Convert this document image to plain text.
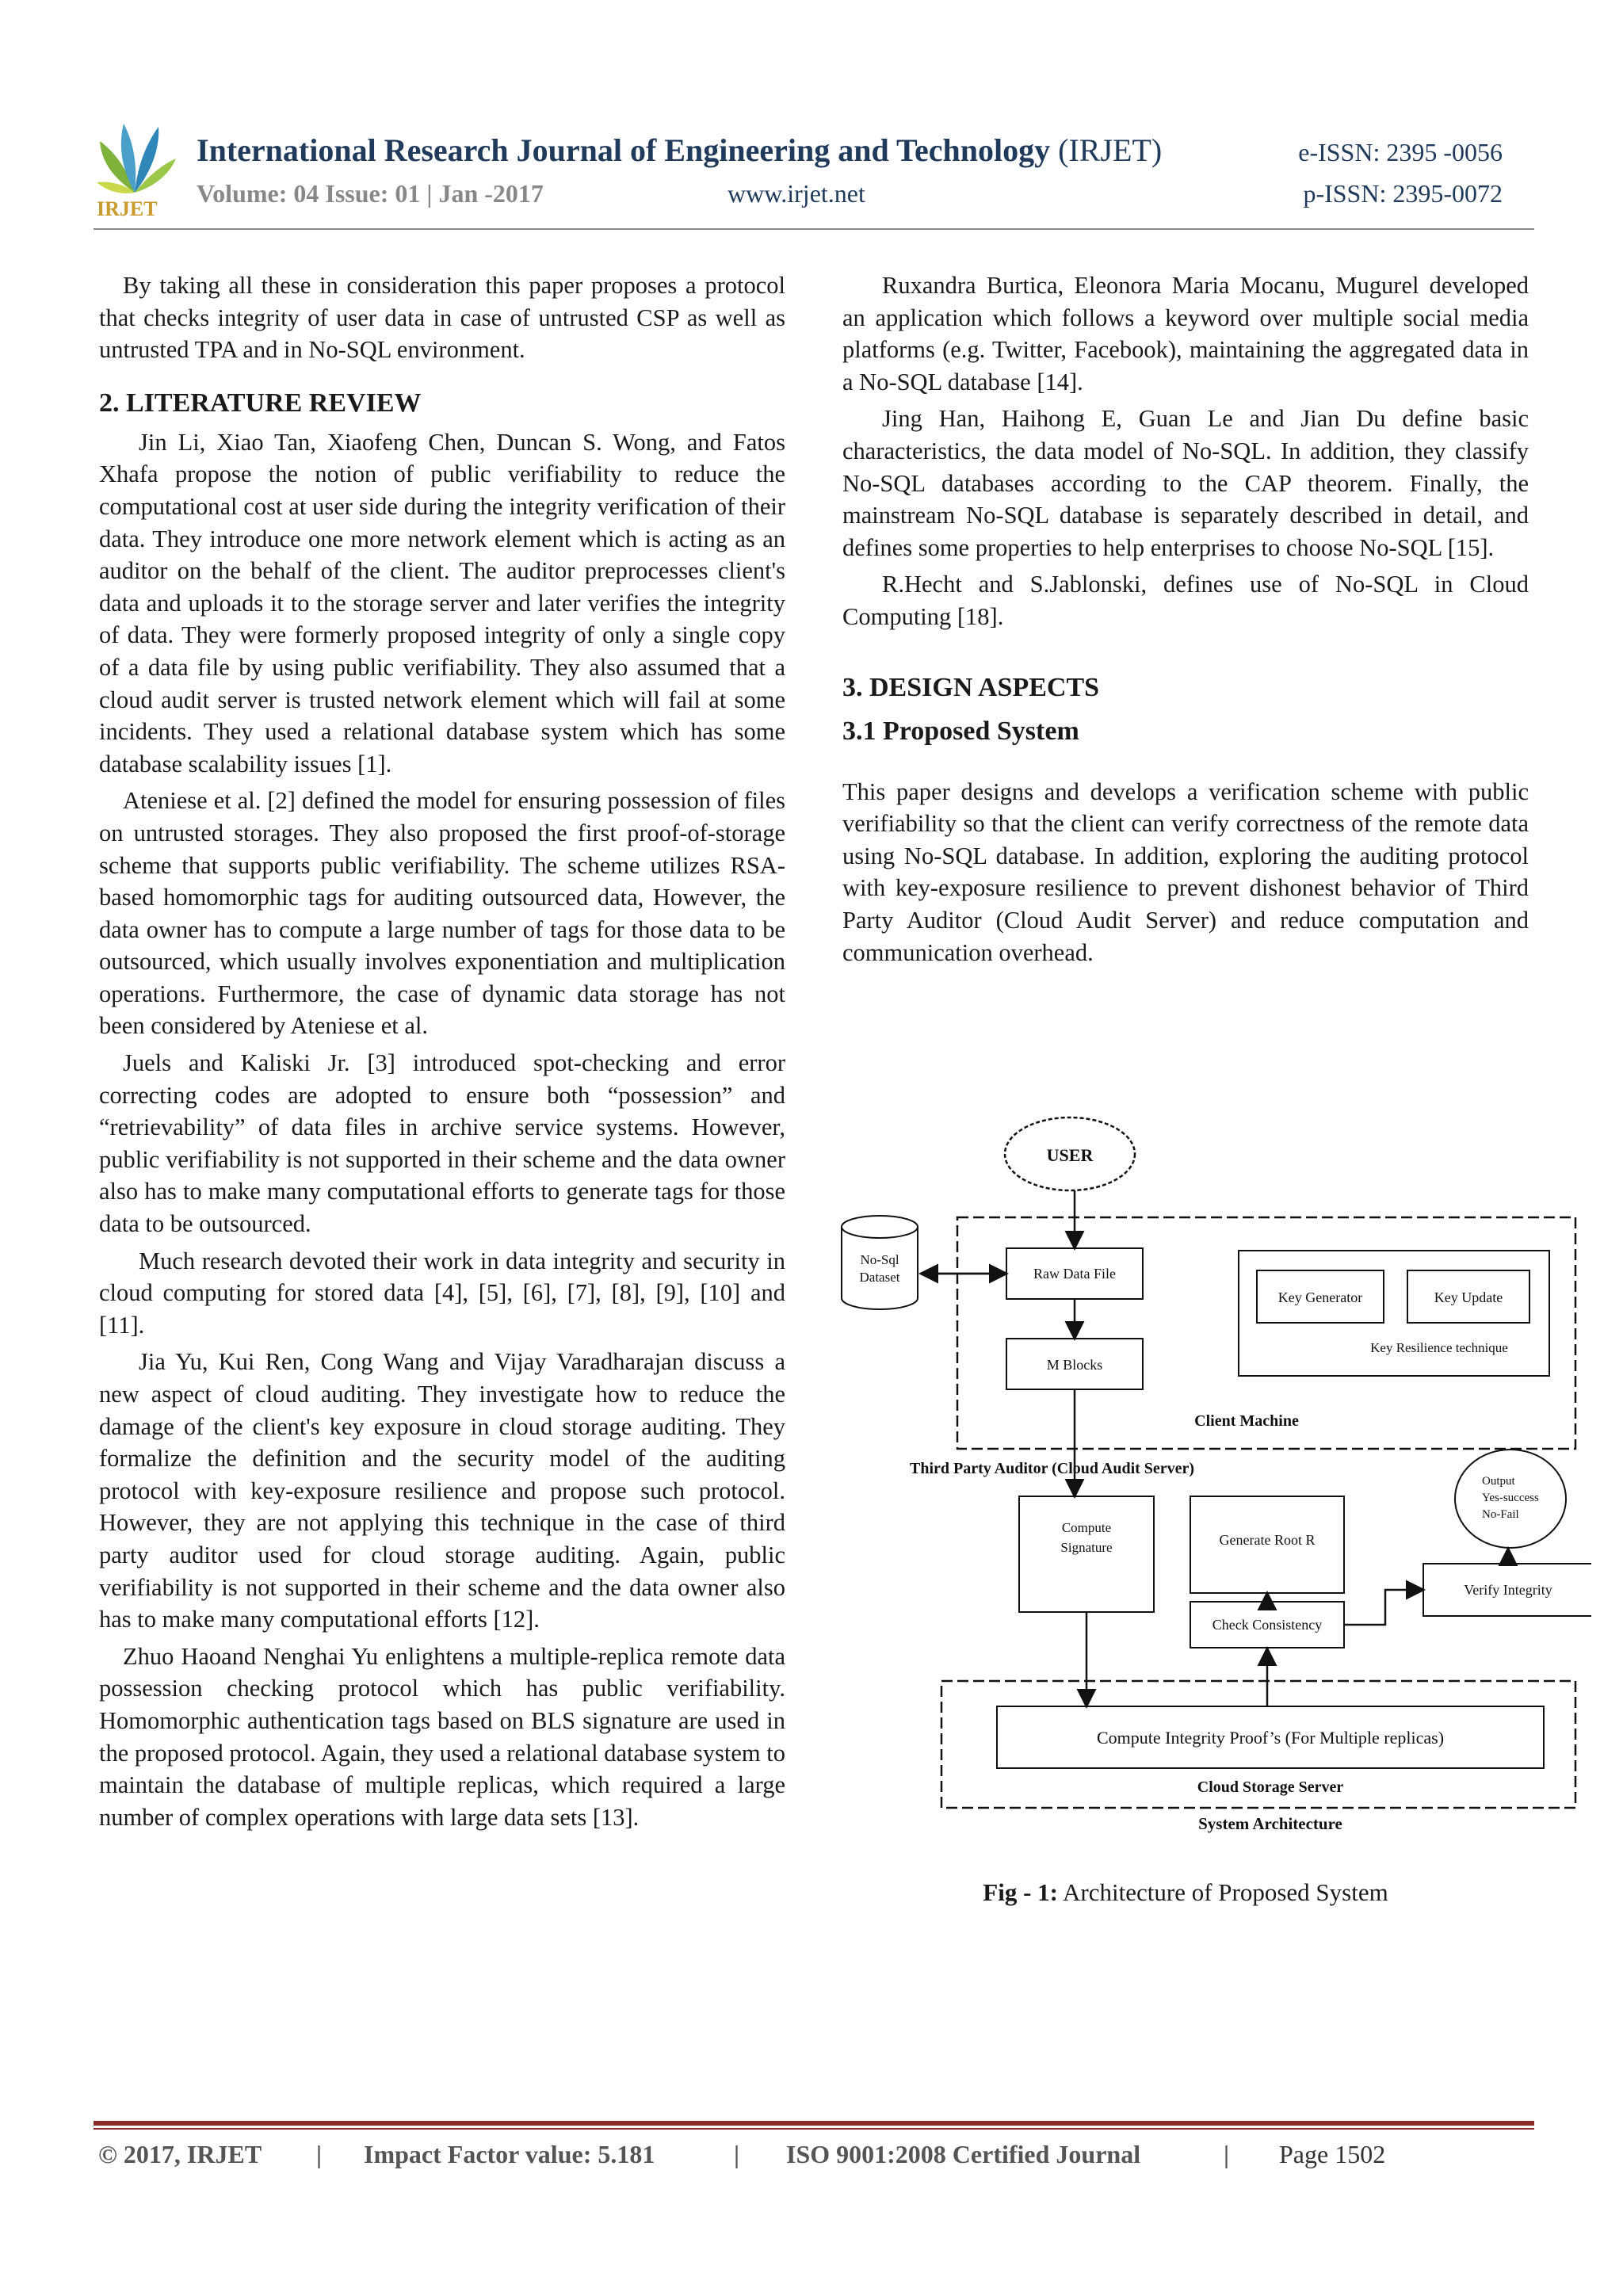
IRJET
International Research Journal of Engineering and Technology (IRJET)	e-ISSN: 2395 -0056
Volume: 04 Issue: 01 | Jan -2017	www.irjet.net	p-ISSN: 2395-0072

By taking all these in consideration this paper proposes a protocol that checks integrity of user data in case of untrusted CSP as well as untrusted TPA and in No-SQL environment.

2. LITERATURE REVIEW

Jin Li, Xiao Tan, Xiaofeng Chen, Duncan S. Wong, and Fatos Xhafa propose the notion of public verifiability to reduce the computational cost at user side during the integrity verification of their data. They introduce one more network element which is acting as an auditor on the behalf of the client. The auditor preprocesses client's data and uploads it to the storage server and later verifies the integrity of data. They were formerly proposed integrity of only a single copy of a data file by using public verifiability. They also assumed that a cloud audit server is trusted network element which will fail at some incidents. They used a relational database system which has some database scalability issues [1].

Ateniese et al. [2] defined the model for ensuring possession of files on untrusted storages. They also proposed the first proof-of-storage scheme that supports public verifiability. The scheme utilizes RSA-based homomorphic tags for auditing outsourced data, However, the data owner has to compute a large number of tags for those data to be outsourced, which usually involves exponentiation and multiplication operations. Furthermore, the case of dynamic data storage has not been considered by Ateniese et al.

Juels and Kaliski Jr. [3] introduced spot-checking and error correcting codes are adopted to ensure both “possession” and “retrievability” of data files in archive service systems. However, public verifiability is not supported in their scheme and the data owner also has to make many computational efforts to generate tags for those data to be outsourced.

Much research devoted their work in data integrity and security in cloud computing for stored data [4], [5], [6], [7], [8], [9], [10] and [11].

Jia Yu, Kui Ren, Cong Wang and Vijay Varadharajan discuss a new aspect of cloud auditing. They investigate how to reduce the damage of the client's key exposure in cloud storage auditing. They formalize the definition and the security model of the auditing protocol with key-exposure resilience and propose such protocol. However, they are not applying this technique in the case of third party auditor used for cloud storage auditing. Again, public verifiability is not supported in their scheme and the data owner also has to make many computational efforts [12].

Zhuo Haoand Nenghai Yu enlightens a multiple-replica remote data possession checking protocol which has public verifiability. Homomorphic authentication tags based on BLS signature are used in the proposed protocol. Again, they used a relational database system to maintain the database of multiple replicas, which required a large number of complex operations with large data sets [13].

Ruxandra Burtica, Eleonora Maria Mocanu, Mugurel developed an application which follows a keyword over multiple social media platforms (e.g. Twitter, Facebook), maintaining the aggregated data in a No-SQL database [14].

Jing Han, Haihong E, Guan Le and Jian Du define basic characteristics, the data model of No-SQL. In addition, they classify No-SQL databases according to the CAP theorem. Finally, the mainstream No-SQL database is separately described in detail, and defines some properties to help enterprises to choose No-SQL [15].

R.Hecht and S.Jablonski, defines use of No-SQL in Cloud Computing [18].

3. DESIGN ASPECTS

3.1 Proposed System

This paper designs and develops a verification scheme with public verifiability so that the client can verify correctness of the remote data using No-SQL database. In addition, exploring the auditing protocol with key-exposure resilience to prevent dishonest behavior of Third Party Auditor (Cloud Audit Server) and reduce computation and communication overhead.

USER
No-Sql
Dataset	Raw Data File
M Blocks
Key Generator	Key Update
Key Resilience technique
Client Machine
Third Party Auditor (Cloud Audit Server)
Compute
Signature	Generate Root R
Output
Yes-success
No-Fail
Verify Integrity
Check Consistency
Compute Integrity Proof’s (For Multiple replicas)
Cloud Storage Server
System Architecture
Fig - 1: Architecture of Proposed System
© 2017, IRJET | Impact Factor value: 5.181	| ISO 9001:2008 Certified Journal	| Page 1502
